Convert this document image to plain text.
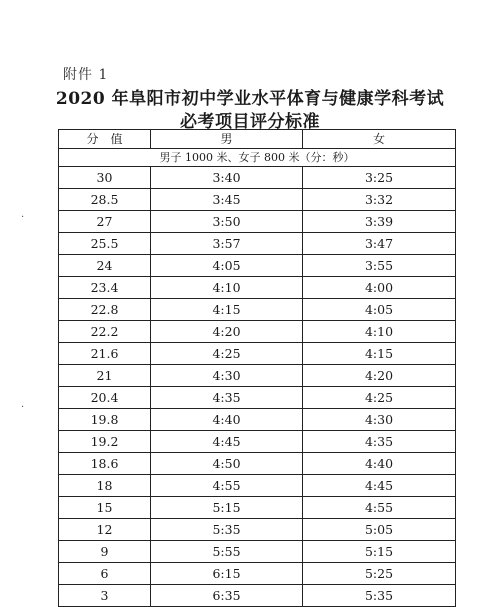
附件 1
2020 年阜阳市初中学业水平体育与健康学科考试
必考项目评分标准
·
·
男子 1000 米、女子 800 米（分：秒）		
分　值	男	女
30	3:40	3:25
28.5	3:45	3:32
27	3:50	3:39
25.5	3:57	3:47
24	4:05	3:55
23.4	4:10	4:00
22.8	4:15	4:05
22.2	4:20	4:10
21.6	4:25	4:15
21	4:30	4:20
20.4	4:35	4:25
19.8	4:40	4:30
19.2	4:45	4:35
18.6	4:50	4:40
18	4:55	4:45
15	5:15	4:55
12	5:35	5:05
9	5:55	5:15
6	6:15	5:25
3	6:35	5:35
